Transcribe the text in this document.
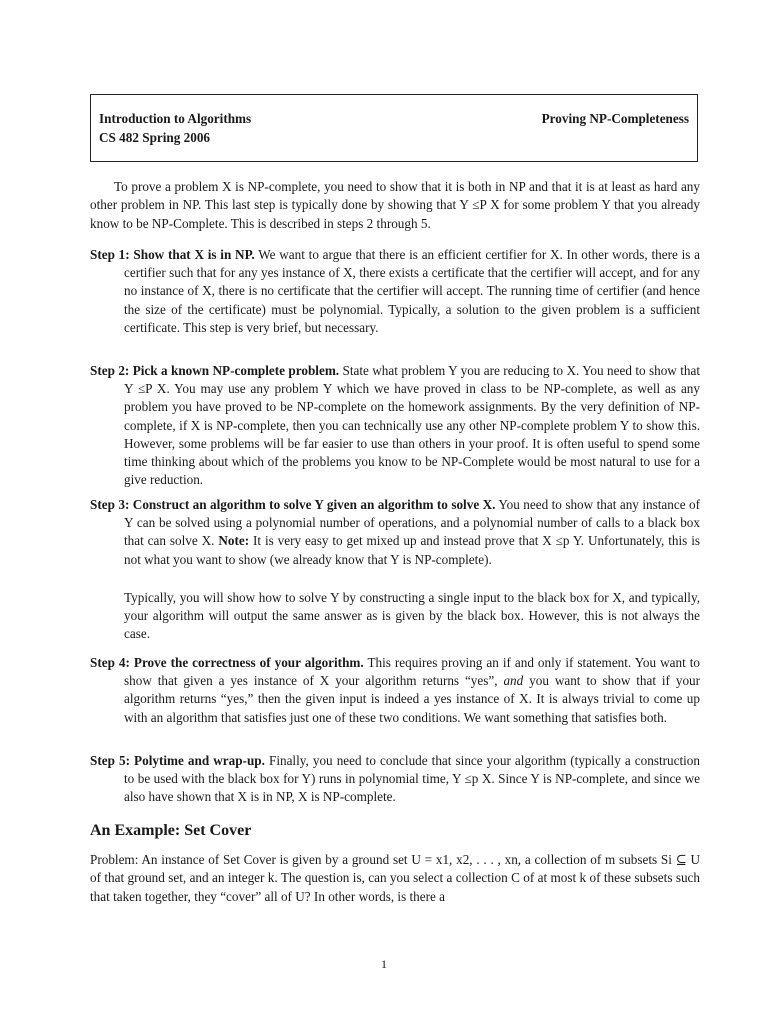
Introduction to Algorithms
CS 482 Spring 2006
Proving NP-Completeness

To prove a problem X is NP-complete, you need to show that it is both in NP and that it is at least as hard any other problem in NP. This last step is typically done by showing that Y ≤P X for some problem Y that you already know to be NP-Complete. This is described in steps 2 through 5.

Step 1: Show that X is in NP. We want to argue that there is an efficient certifier for X. In other words, there is a certifier such that for any yes instance of X, there exists a certificate that the certifier will accept, and for any no instance of X, there is no certificate that the certifier will accept. The running time of certifier (and hence the size of the certificate) must be polynomial. Typically, a solution to the given problem is a sufficient certificate. This step is very brief, but necessary.

Step 2: Pick a known NP-complete problem. State what problem Y you are reducing to X. You need to show that Y ≤P X. You may use any problem Y which we have proved in class to be NP-complete, as well as any problem you have proved to be NP-complete on the homework assignments. By the very definition of NP-complete, if X is NP-complete, then you can technically use any other NP-complete problem Y to show this. However, some problems will be far easier to use than others in your proof. It is often useful to spend some time thinking about which of the problems you know to be NP-Complete would be most natural to use for a give reduction.

Step 3: Construct an algorithm to solve Y given an algorithm to solve X. You need to show that any instance of Y can be solved using a polynomial number of operations, and a polynomial number of calls to a black box that can solve X. Note: It is very easy to get mixed up and instead prove that X ≤p Y. Unfortunately, this is not what you want to show (we already know that Y is NP-complete).

Typically, you will show how to solve Y by constructing a single input to the black box for X, and typically, your algorithm will output the same answer as is given by the black box. However, this is not always the case.

Step 4: Prove the correctness of your algorithm. This requires proving an if and only if statement. You want to show that given a yes instance of X your algorithm returns “yes”, and you want to show that if your algorithm returns “yes,” then the given input is indeed a yes instance of X. It is always trivial to come up with an algorithm that satisfies just one of these two conditions. We want something that satisfies both.

Step 5: Polytime and wrap-up. Finally, you need to conclude that since your algorithm (typically a construction to be used with the black box for Y) runs in polynomial time, Y ≤p X. Since Y is NP-complete, and since we also have shown that X is in NP, X is NP-complete.

An Example: Set Cover

Problem: An instance of Set Cover is given by a ground set U = x1, x2, . . . , xn, a collection of m subsets Si ⊆ U of that ground set, and an integer k. The question is, can you select a collection C of at most k of these subsets such that taken together, they “cover” all of U? In other words, is there a

1
